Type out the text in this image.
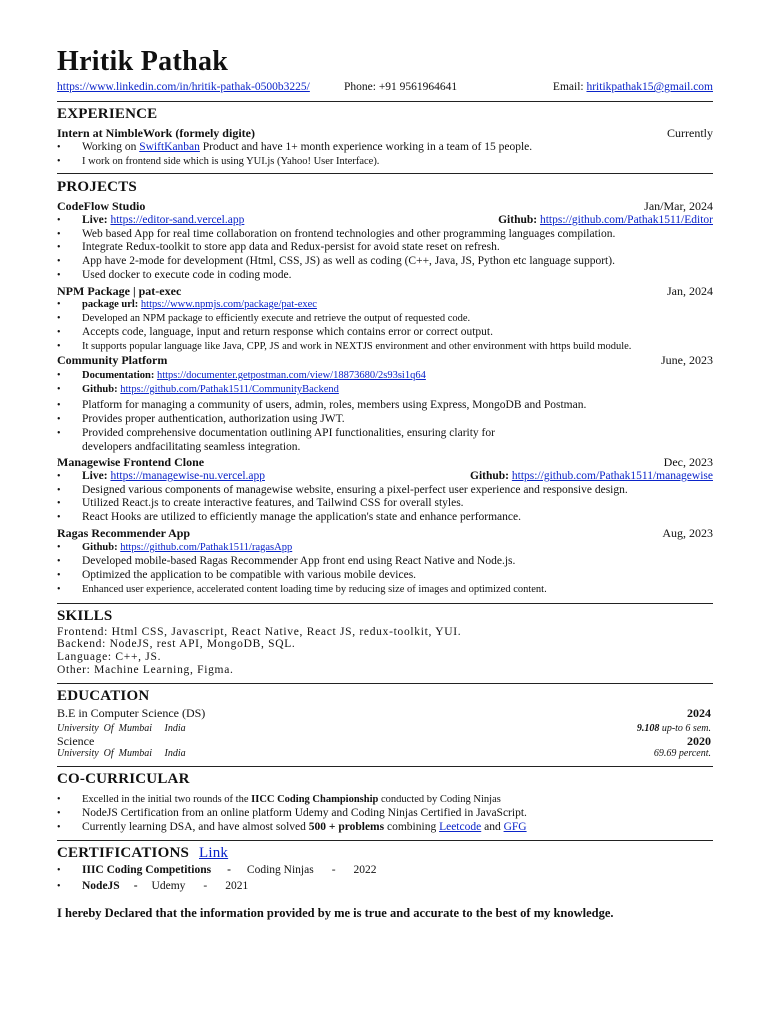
Hritik Pathak
https://www.linkedin.com/in/hritik-pathak-0500b3225/	Phone: +91 9561964641	Email: hritikpathak15@gmail.com
EXPERIENCE
Intern at NimbleWork (formely digite)	Currently
• Working on SwiftKanban Product and have 1+ month experience working in a team of 15 people.
• I work on frontend side which is using YUI.js (Yahoo! User Interface).
PROJECTS
CodeFlow Studio	Jan/Mar, 2024
• Live: https://editor-sand.vercel.app	Github: https://github.com/Pathak1511/Editor
• Web based App for real time collaboration on frontend technologies and other programming languages compilation.
• Integrate Redux-toolkit to store app data and Redux-persist for avoid state reset on refresh.
• App have 2-mode for development (Html, CSS, JS) as well as coding (C++, Java, JS, Python etc language support).
• Used docker to execute code in coding mode.
NPM Package | pat-exec	Jan, 2024
• package url: https://www.npmjs.com/package/pat-exec
• Developed an NPM package to efficiently execute and retrieve the output of requested code.
• Accepts code, language, input and return response which contains error or correct output.
• It supports popular language like Java, CPP, JS and work in NEXTJS environment and other environment with https build module.
Community Platform	June, 2023
• Documentation: https://documenter.getpostman.com/view/18873680/2s93si1q64
• Github: https://github.com/Pathak1511/CommunityBackend
• Platform for managing a community of users, admin, roles, members using Express, MongoDB and Postman.
• Provides proper authentication, authorization using JWT.
• Provided comprehensive documentation outlining API functionalities, ensuring clarity for
developers andfacilitating seamless integration.
Managewise Frontend Clone	Dec, 2023
• Live: https://managewise-nu.vercel.app	Github: https://github.com/Pathak1511/managewise
• Designed various components of managewise website, ensuring a pixel-perfect user experience and responsive design.
• Utilized React.js to create interactive features, and Tailwind CSS for overall styles.
• React Hooks are utilized to efficiently manage the application's state and enhance performance.
Ragas Recommender App	Aug, 2023
• Github: https://github.com/Pathak1511/ragasApp
• Developed mobile-based Ragas Recommender App front end using React Native and Node.js.
• Optimized the application to be compatible with various mobile devices.
• Enhanced user experience, accelerated content loading time by reducing size of images and optimized content.
SKILLS
Frontend: Html CSS, Javascript, React Native, React JS, redux-toolkit, YUI.
Backend: NodeJS, rest API, MongoDB, SQL.
Language: C++, JS.
Other: Machine Learning, Figma.
EDUCATION
B.E in Computer Science (DS)	2024
University  Of  Mumbai     India	9.108 up-to 6 sem.
Science	2020
University  Of  Mumbai     India	69.69 percent.
CO-CURRICULAR
• Excelled in the initial two rounds of the IICC Coding Championship conducted by Coding Ninjas
• NodeJS Certification from an online platform Udemy and Coding Ninjas Certified in JavaScript.
• Currently learning DSA, and have almost solved 500 + problems combining Leetcode and GFG
CERTIFICATIONS Link
• IIIC Coding Competitions - Coding Ninjas - 2022
• NodeJS - Udemy - 2021
I hereby Declared that the information provided by me is true and accurate to the best of my knowledge.
